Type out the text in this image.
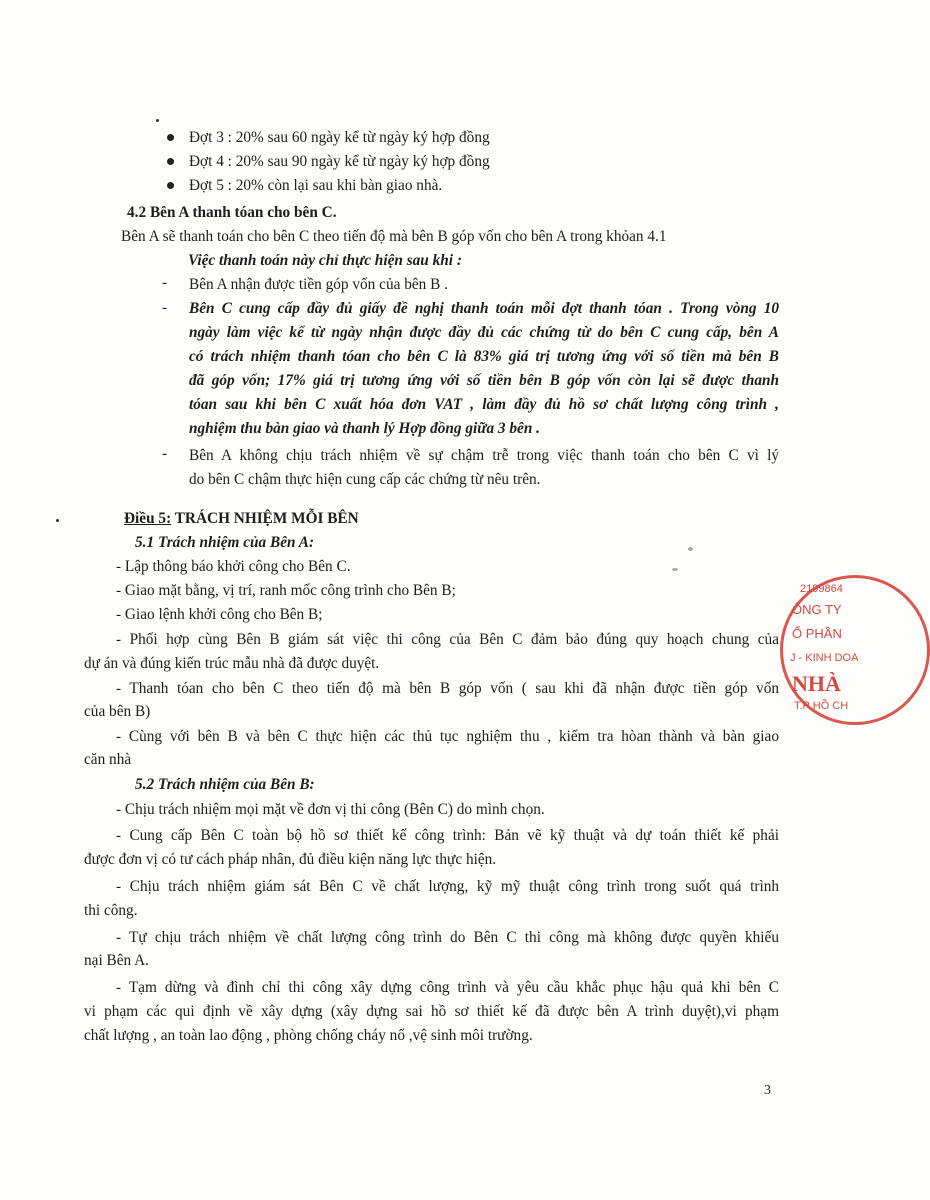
Đợt 3 : 20% sau 60 ngày kể từ ngày ký hợp đồng
Đợt 4 : 20% sau 90 ngày kể từ ngày ký hợp đồng
Đợt 5 : 20% còn lại sau khi bàn giao nhà.
4.2 Bên A thanh tóan cho bên C.
Bên A sẽ thanh toán cho bên C theo tiến độ mà bên B góp vốn cho bên A trong khỏan 4.1
Việc thanh toán này chỉ thực hiện sau khi :
- Bên A nhận được tiền góp vốn của bên B .
- Bên C cung cấp đầy đủ giấy đề nghị thanh toán mỗi đợt thanh tóan . Trong vòng 10
ngày làm việc kể từ ngày nhận được đầy đủ các chứng từ do bên C cung cấp, bên A
có trách nhiệm thanh tóan cho bên C là 83% giá trị tương ứng với số tiền mà bên B
đã góp vốn; 17% giá trị tương ứng với số tiền bên B góp vốn còn lại sẽ được thanh
tóan sau khi bên C xuất hóa đơn VAT , làm đầy đủ hồ sơ chất lượng công trình ,
nghiệm thu bàn giao và thanh lý Hợp đồng giữa 3 bên .
- Bên A không chịu trách nhiệm về sự chậm trễ trong việc thanh toán cho bên C vì lý
do bên C chậm thực hiện cung cấp các chứng từ nêu trên.
Điều 5: TRÁCH NHIỆM MỖI BÊN
5.1 Trách nhiệm của Bên A:
- Lập thông báo khởi công cho Bên C.
- Giao mặt bằng, vị trí, ranh mốc công trình cho Bên B;
- Giao lệnh khởi công cho Bên B;
- Phối hợp cùng Bên B giám sát việc thi công của Bên C đảm bảo đúng quy hoạch chung của
dự án và đúng kiến trúc mẫu nhà đã được duyệt.
- Thanh tóan cho bên C theo tiến độ mà bên B góp vốn ( sau khi đã nhận được tiền góp vốn
của bên B)
- Cùng với bên B và bên C thực hiện các thủ tục nghiệm thu , kiểm tra hòan thành và bàn giao
căn nhà
5.2 Trách nhiệm của Bên B:
- Chịu trách nhiệm mọi mặt về đơn vị thi công (Bên C) do mình chọn.
- Cung cấp Bên C toàn bộ hồ sơ thiết kế công trình: Bản vẽ kỹ thuật và dự toán thiết kế phải
được đơn vị có tư cách pháp nhân, đủ điều kiện năng lực thực hiện.
- Chịu trách nhiệm giám sát Bên C về chất lượng, kỹ mỹ thuật công trình trong suốt quá trình
thi công.
- Tự chịu trách nhiệm về chất lượng công trình do Bên C thi công mà không được quyền khiếu
nại Bên A.
- Tạm dừng và đình chỉ thi công xây dựng công trình và yêu cầu khắc phục hậu quả khi bên C
vi phạm các qui định về xây dựng (xây dựng sai hồ sơ thiết kế đã được bên A trình duyệt),vi phạm
chất lượng , an toàn lao động , phòng chống cháy nổ ,vệ sinh môi trường.
2199864
ÔNG TY
Ổ PHẦN
J - KINH DOA
NHÀ
T.P HỒ CH
3
